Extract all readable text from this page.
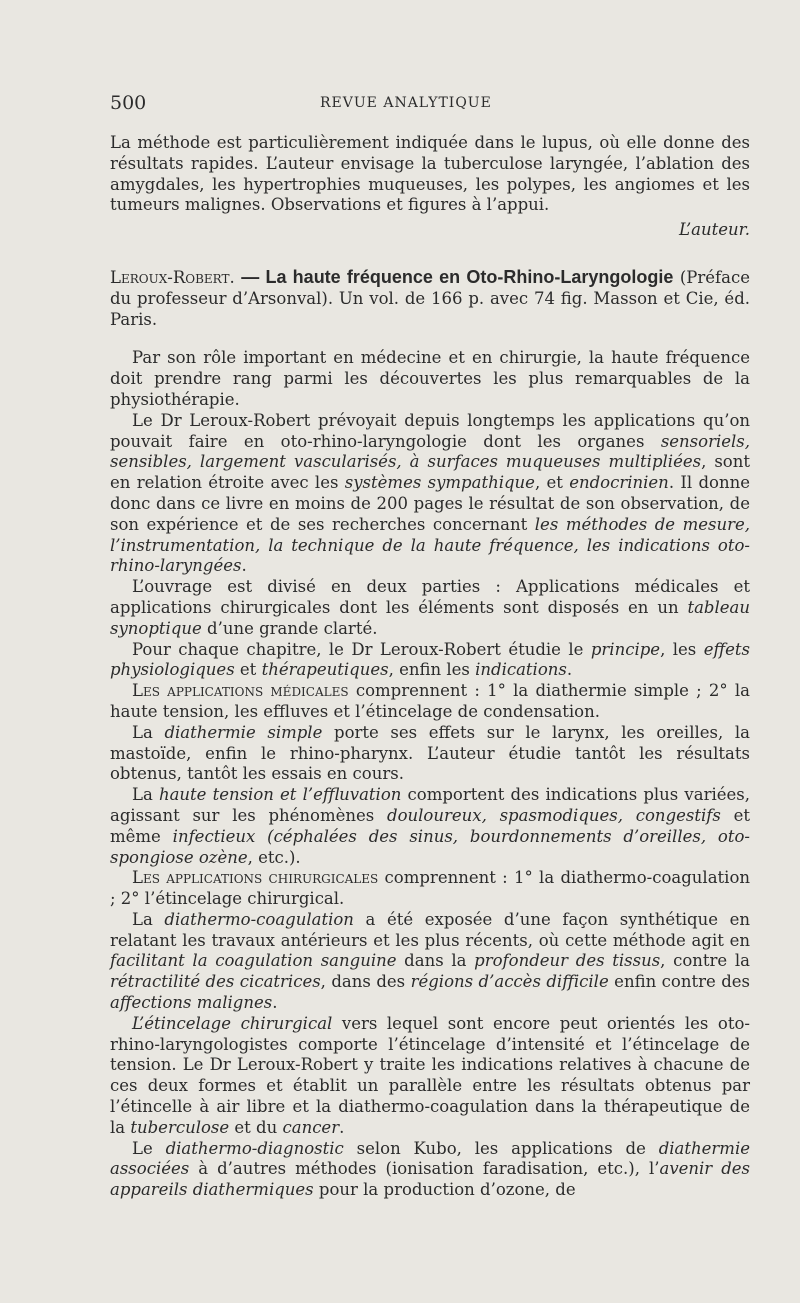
500	REVUE ANALYTIQUE

La méthode est particulièrement indiquée dans le lupus, où elle donne des résultats rapides. L’auteur envisage la tuberculose laryngée, l’ablation des amygdales, les hypertrophies muqueuses, les polypes, les angiomes et les tumeurs malignes. Observations et figures à l’appui.

L’auteur.

Leroux-Robert. — La haute fréquence en Oto-Rhino-Laryngologie (Préface du professeur d’Arsonval). Un vol. de 166 p. avec 74 fig. Masson et Cie, éd. Paris.

Par son rôle important en médecine et en chirurgie, la haute fréquence doit prendre rang parmi les découvertes les plus remarquables de la physiothérapie.

Le Dr Leroux-Robert prévoyait depuis longtemps les applications qu’on pouvait faire en oto-rhino-laryngologie dont les organes sensoriels, sensibles, largement vascularisés, à surfaces muqueuses multipliées, sont en relation étroite avec les systèmes sympathique, et endocrinien. Il donne donc dans ce livre en moins de 200 pages le résultat de son observation, de son expérience et de ses recherches concernant les méthodes de mesure, l’instrumentation, la technique de la haute fréquence, les indications oto-rhino-laryngées.

L’ouvrage est divisé en deux parties : Applications médicales et applications chirurgicales dont les éléments sont disposés en un tableau synoptique d’une grande clarté.

Pour chaque chapitre, le Dr Leroux-Robert étudie le principe, les effets physiologiques et thérapeutiques, enfin les indications.

Les applications médicales comprennent : 1° la diathermie simple ; 2° la haute tension, les effluves et l’étincelage de condensation.

La diathermie simple porte ses effets sur le larynx, les oreilles, la mastoïde, enfin le rhino-pharynx. L’auteur étudie tantôt les résultats obtenus, tantôt les essais en cours.

La haute tension et l’effluvation comportent des indications plus variées, agissant sur les phénomènes douloureux, spasmodiques, congestifs et même infectieux (céphalées des sinus, bourdonnements d’oreilles, oto-spongiose ozène, etc.).

Les applications chirurgicales comprennent : 1° la diathermo-coagulation ; 2° l’étincelage chirurgical.

La diathermo-coagulation a été exposée d’une façon synthétique en relatant les travaux antérieurs et les plus récents, où cette méthode agit en facilitant la coagulation sanguine dans la profondeur des tissus, contre la rétractilité des cicatrices, dans des régions d’accès difficile enfin contre des affections malignes.

L’étincelage chirurgical vers lequel sont encore peut orientés les oto-rhino-laryngologistes comporte l’étincelage d’intensité et l’étincelage de tension. Le Dr Leroux-Robert y traite les indications relatives à chacune de ces deux formes et établit un parallèle entre les résultats obtenus par l’étincelle à air libre et la diathermo-coagulation dans la thérapeutique de la tuberculose et du cancer.

Le diathermo-diagnostic selon Kubo, les applications de diathermie associées à d’autres méthodes (ionisation faradisation, etc.), l’avenir des appareils diathermiques pour la production d’ozone, de
